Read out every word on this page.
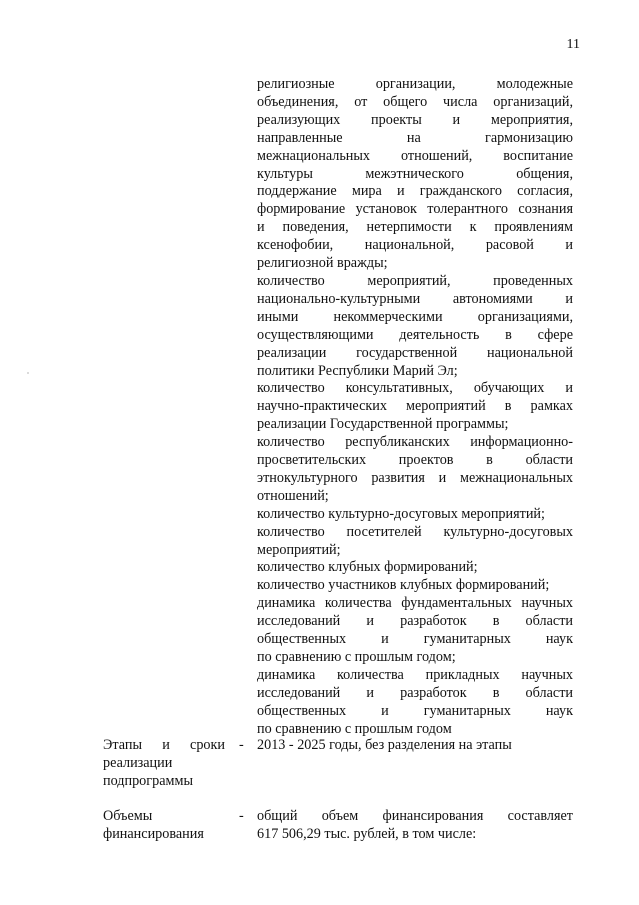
11
религиозные организации, молодежные
объединения, от общего числа организаций,
реализующих проекты и мероприятия,
направленные на гармонизацию
межнациональных отношений, воспитание
культуры межэтнического общения,
поддержание мира и гражданского согласия,
формирование установок толерантного сознания
и поведения, нетерпимости к проявлениям
ксенофобии, национальной, расовой и
религиозной вражды;
количество мероприятий, проведенных
национально-культурными автономиями и
иными некоммерческими организациями,
осуществляющими деятельность в сфере
реализации государственной национальной
политики Республики Марий Эл;
количество консультативных, обучающих и
научно-практических мероприятий в рамках
реализации Государственной программы;
количество республиканских информационно-
просветительских проектов в области
этнокультурного развития и межнациональных
отношений;
количество культурно-досуговых мероприятий;
количество посетителей культурно-досуговых
мероприятий;
количество клубных формирований;
количество участников клубных формирований;
динамика количества фундаментальных научных
исследований и разработок в области
общественных и гуманитарных наук
по сравнению с прошлым годом;
динамика количества прикладных научных
исследований и разработок в области
общественных и гуманитарных наук
по сравнению с прошлым годом
Этапы и сроки
реализации
подпрограммы
- 2013 - 2025 годы, без разделения на этапы
Объемы
финансирования
- общий объем финансирования составляет
617 506,29 тыс. рублей, в том числе:
